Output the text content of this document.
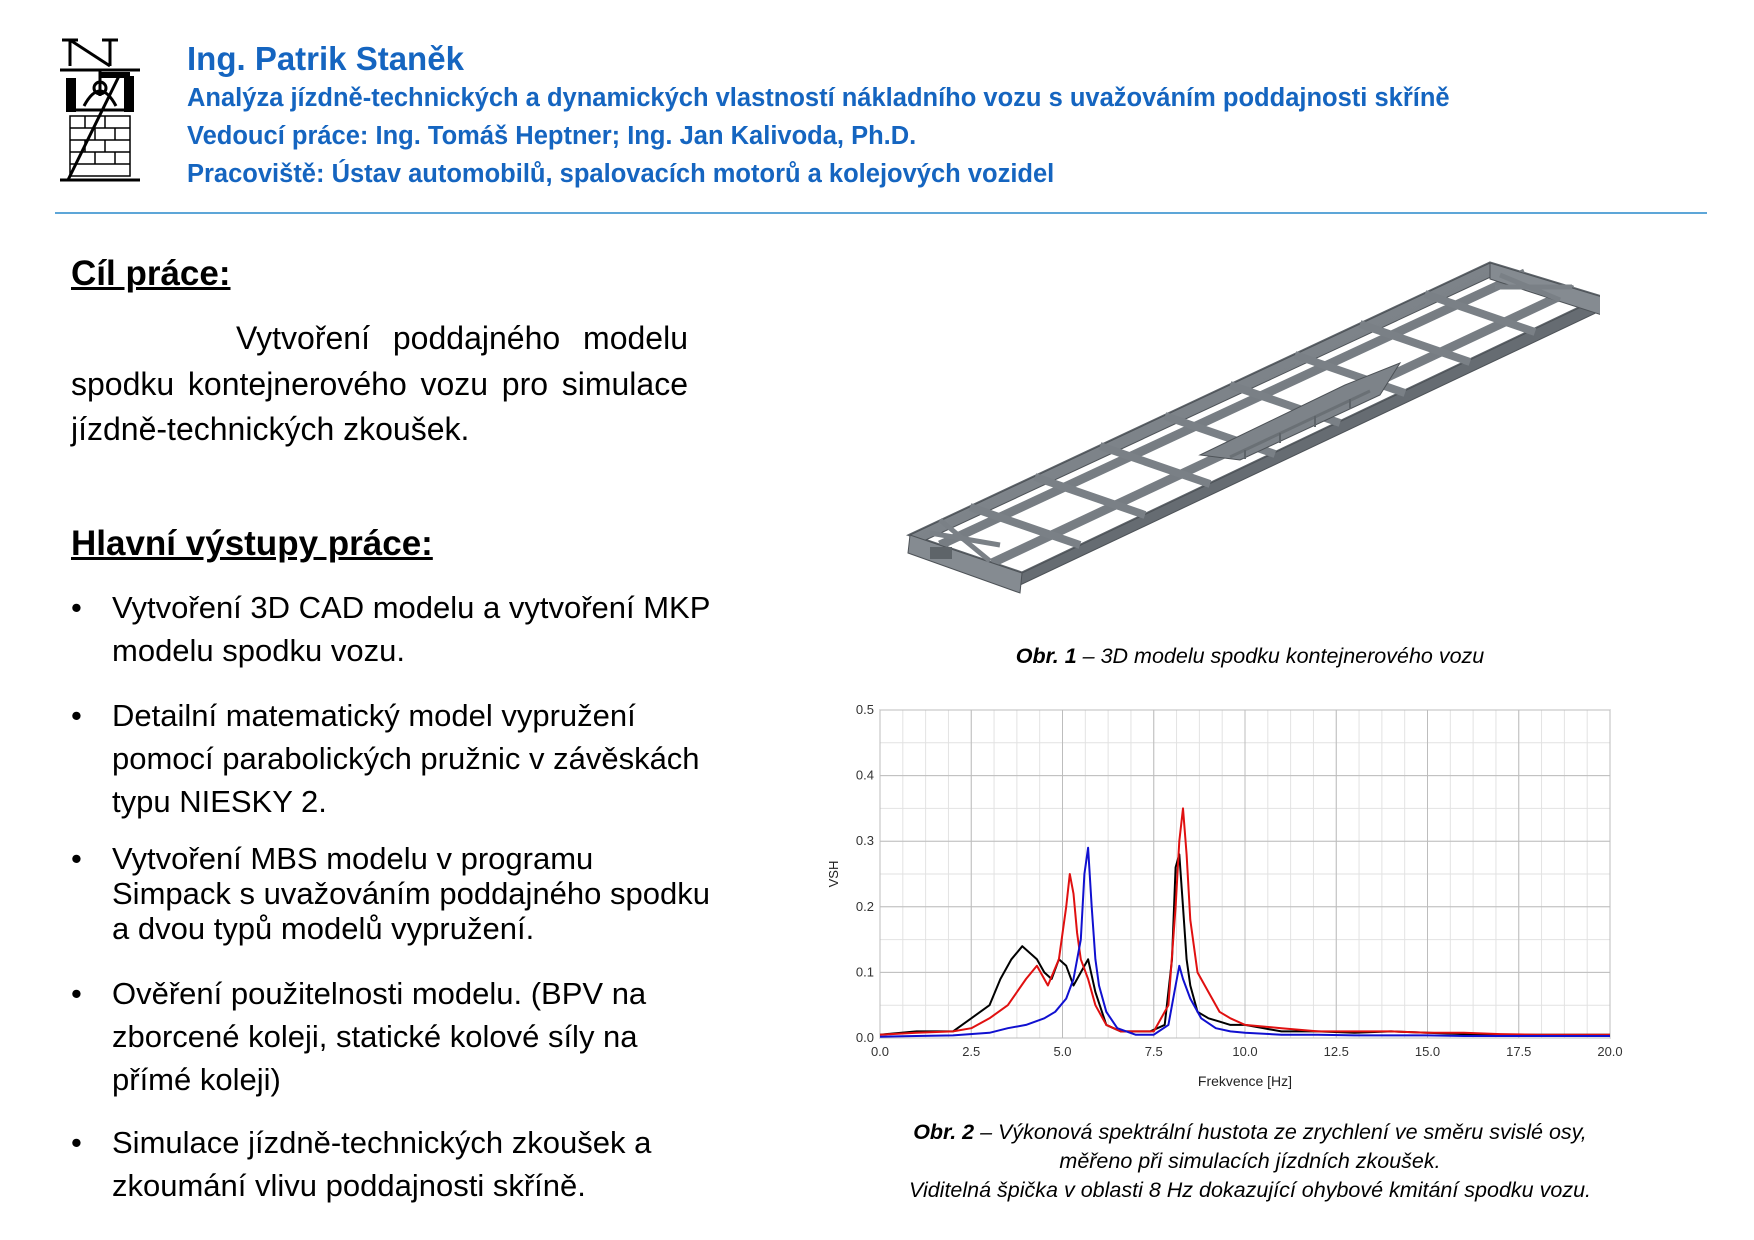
NZ
Ing. Patrik Staněk
Analýza jízdně-technických a dynamických vlastností nákladního vozu s uvažováním poddajnosti skříně
Vedoucí práce: Ing. Tomáš Heptner; Ing. Jan Kalivoda, Ph.D.
Pracoviště: Ústav automobilů, spalovacích motorů a kolejových vozidel
Cíl práce:

Vytvoření poddajného modelu spodku kontejnerového vozu pro simulace jízdně-technických zkoušek.

Hlavní výstupy práce:
• Vytvoření 3D CAD modelu a vytvoření MKP modelu spodku vozu.
• Detailní matematický model vypružení pomocí parabolických pružnic v závěskách typu NIESKY 2.
• Vytvoření MBS modelu v programu Simpack s uvažováním poddajného spodku a dvou typů modelů vypružení.
• Ověření použitelnosti modelu. (BPV na zborcené koleji, statické kolové síly na přímé koleji)
• Simulace jízdně-technických zkoušek a zkoumání vlivu poddajnosti skříně.
Obr. 1 – 3D modelu spodku kontejnerového vozu
0.0
0.1
0.2
0.3
0.4
0.5
0.0	2.5	5.0	7.5	10.0	12.5	15.0	17.5	20.0
VSH
Frekvence [Hz]
Obr. 2 – Výkonová spektrální hustota ze zrychlení ve směru svislé osy,
měřeno při simulacích jízdních zkoušek.
Viditelná špička v oblasti 8 Hz dokazující ohybové kmitání spodku vozu.
